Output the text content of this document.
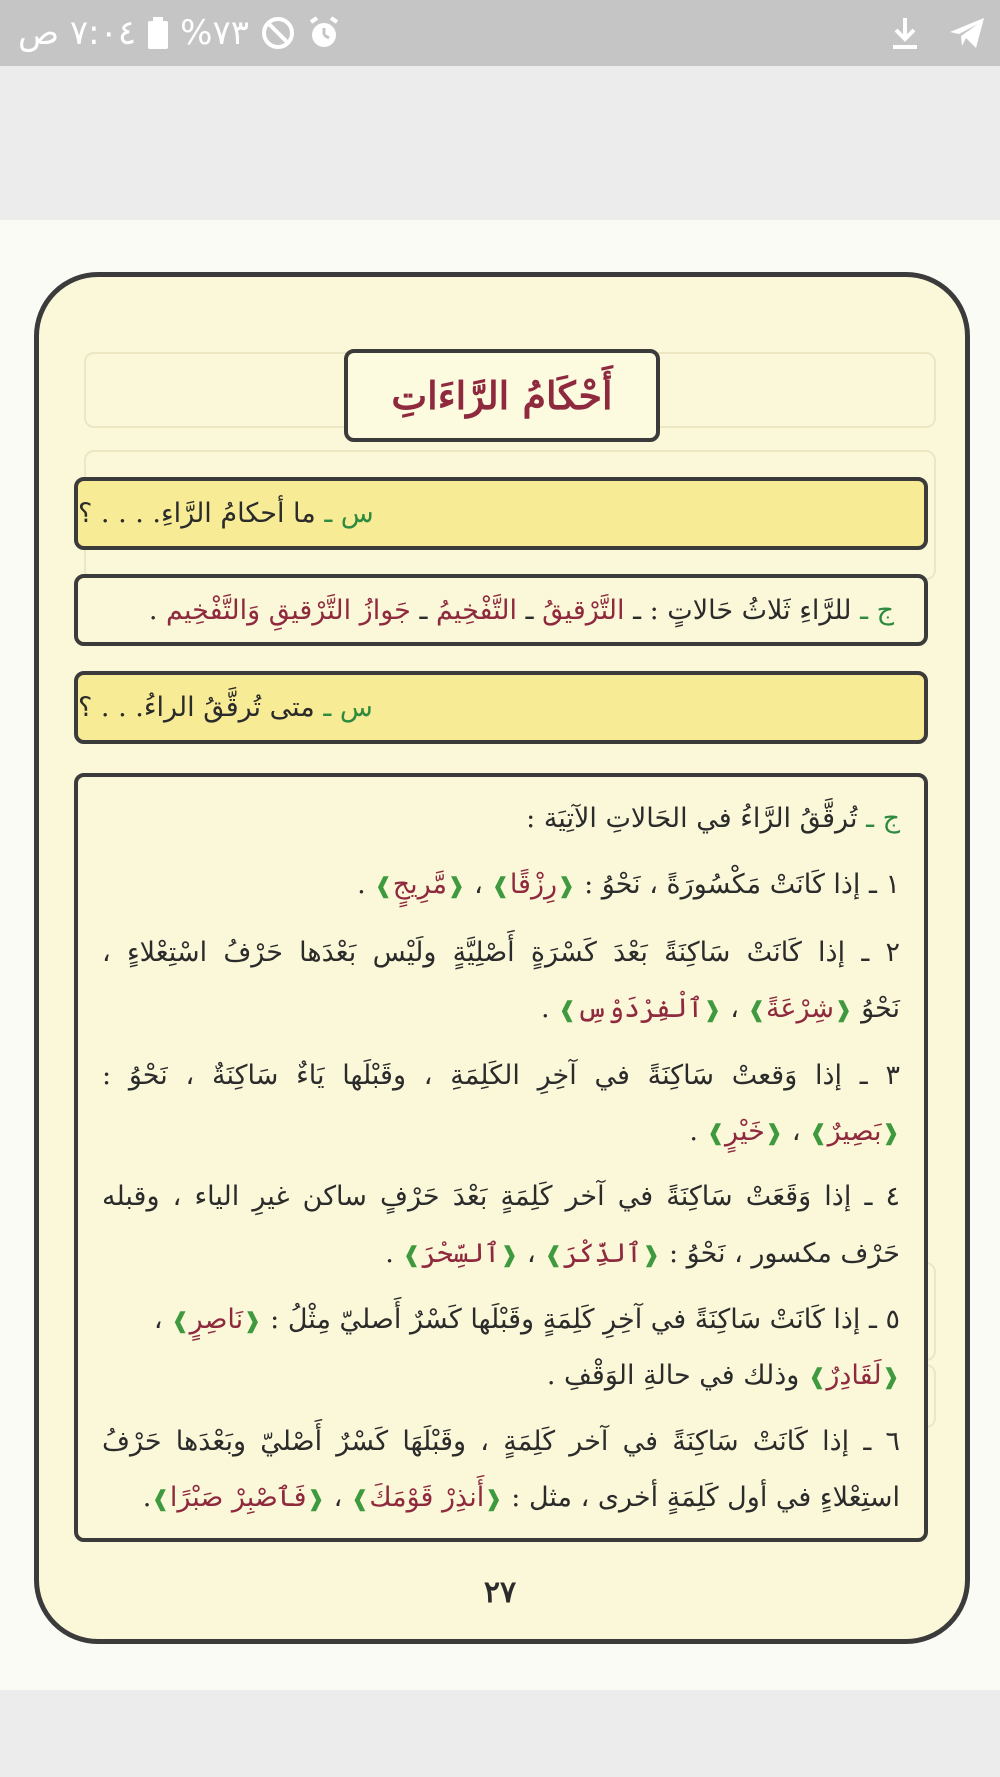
٧:٠٤ ص %٧٣
أَحْكَامُ الرَّاءَاتِ
س ـ ما أحكامُ الرَّاءِ. . . . ؟
ج ـ للرَّاءِ ثَلاثُ حَالاتٍ : ـ التَّرْقيقُ ـ التَّفْخِيمُ ـ جَوازُ التَّرْقيقِ وَالتَّفْخِيم .
س ـ متى تُرقَّقُ الراءُ. . . ؟
ج ـ تُرقَّقُ الرَّاءُ في الحَالاتِ الآتِيَة :
١ ـ إذا كَانَتْ مَكْسُورَةً ، نَحْوُ : ❰رِزْقًا❱ ، ❰مَّرِيجٍ❱ .
٢ ـ إذا كَانَتْ سَاكِنَةً بَعْدَ كَسْرَةٍ أَصْلِيَّةٍ ولَيْس بَعْدَها حَرْفُ اسْتِعْلاءٍ ،
نَحْوُ ❰شِرْعَةً❱ ، ❰ٱلْفِرْدَوْسِ❱ .
٣ ـ إذا وَقعتْ سَاكِنَةً في آخِرِ الكَلِمَةِ ، وقَبْلَها يَاءٌ سَاكِنَةٌ ، نَحْوُ :
❰بَصِيرٌ❱ ، ❰خَيْرٍ❱ .
٤ ـ إذا وَقَعَتْ سَاكِنَةً في آخر كَلِمَةٍ بَعْدَ حَرْفٍ ساكن غيرِ الياء ، وقبله
حَرْف مكسور ، نَحْوُ : ❰ٱلذِّكْرَ❱ ، ❰ٱلسِّحْرَ❱ .
٥ ـ إذا كَانَتْ سَاكِنَةً في آخِرِ كَلِمَةٍ وقَبْلَها كَسْرٌ أَصليّ مِثْلُ : ❰نَاصِرٍ❱ ،
❰لَقَادِرٌ❱ وذلك في حالةِ الوَقْفِ .
٦ ـ إذا كَانَتْ سَاكِنَةً في آخر كَلِمَةٍ ، وقَبْلَهَا كَسْرٌ أَصْليّ وبَعْدَها حَرْفُ
استِعْلاءٍ في أول كَلِمَةٍ أخرى ، مثل : ❰أَنذِرْ قَوْمَكَ❱ ، ❰فَٱصْبِرْ صَبْرًا❱.
٢٧
